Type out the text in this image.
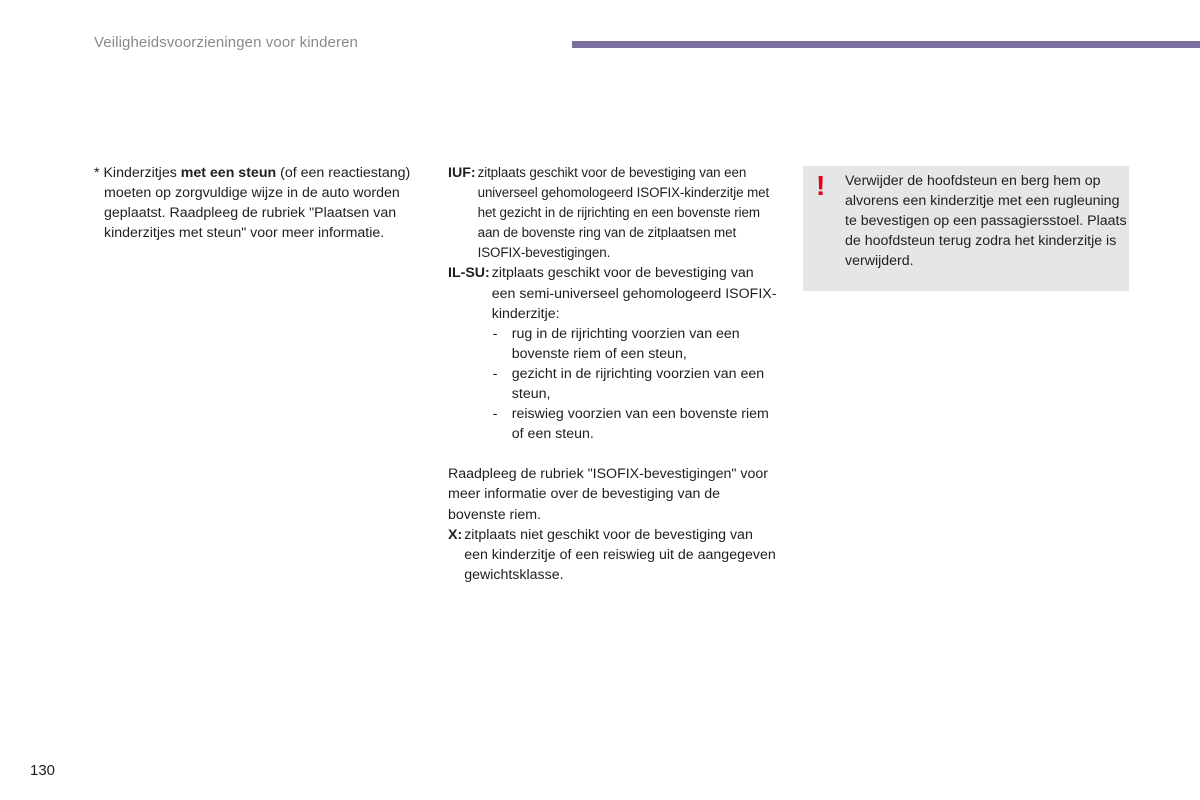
Veiligheidsvoorzieningen voor kinderen

* Kinderzitjes met een steun (of een reactiestang) moeten op zorgvuldige wijze in de auto worden geplaatst. Raadpleeg de rubriek "Plaatsen van kinderzitjes met steun" voor meer informatie.

IUF: zitplaats geschikt voor de bevestiging van een universeel gehomologeerd ISOFIX-kinderzitje met het gezicht in de rijrichting en een bovenste riem aan de bovenste ring van de zitplaatsen met ISOFIX-bevestigingen.
IL-SU: zitplaats geschikt voor de bevestiging van een semi-universeel gehomologeerd ISOFIX-kinderzitje:

-	rug in de rijrichting voorzien van een bovenste riem of een steun,
-	gezicht in de rijrichting voorzien van een steun,
-	reiswieg voorzien van een bovenste riem of een steun.

Raadpleeg de rubriek "ISOFIX-bevestigingen" voor meer informatie over de bevestiging van de bovenste riem.

X: zitplaats niet geschikt voor de bevestiging van een kinderzitje of een reiswieg uit de aangegeven gewichtsklasse.
! Verwijder de hoofdsteun en berg hem op alvorens een kinderzitje met een rugleuning te bevestigen op een passagiersstoel. Plaats de hoofdsteun terug zodra het kinderzitje is verwijderd.
130
